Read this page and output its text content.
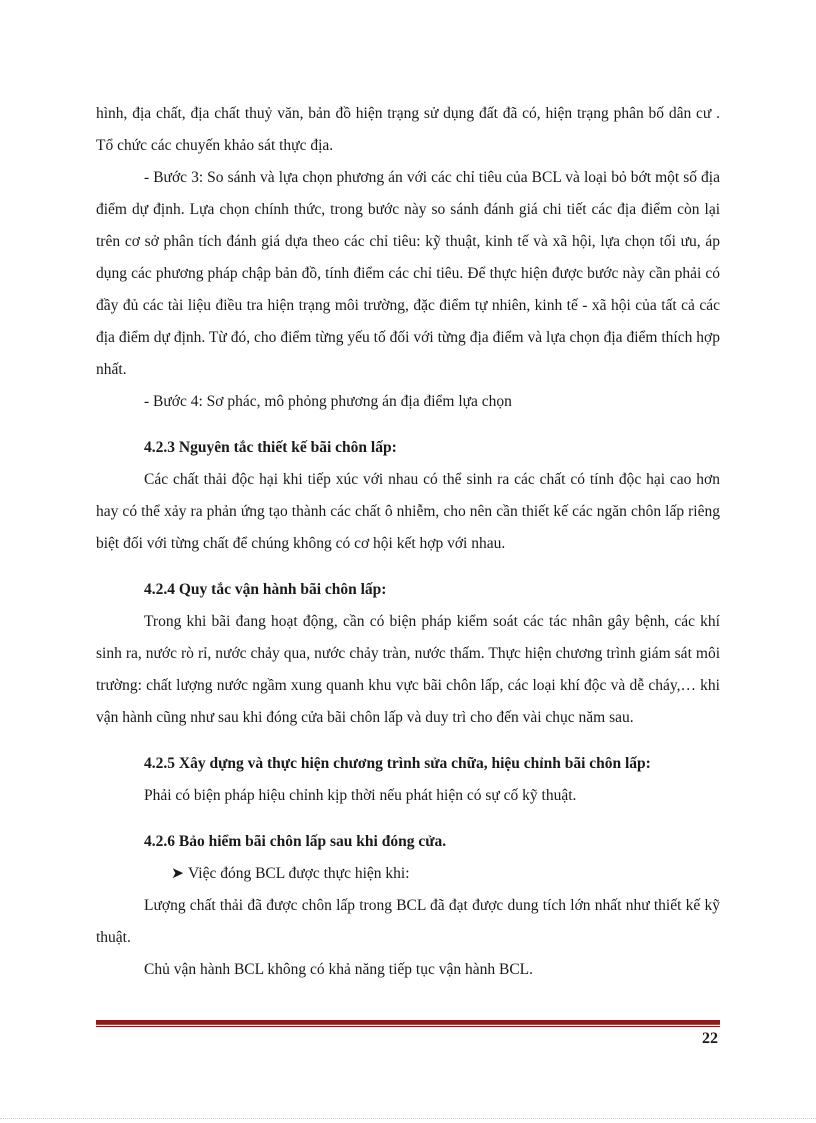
hình, địa chất, địa chất thuỷ văn, bản đồ hiện trạng sử dụng đất đã có, hiện trạng phân bố dân cư . Tổ chức các chuyến khảo sát thực địa.

- Bước 3: So sánh và lựa chọn phương án với các chỉ tiêu của BCL và loại bỏ bớt một số địa điểm dự định. Lựa chọn chính thức, trong bước này so sánh đánh giá chi tiết các địa điểm còn lại trên cơ sở phân tích đánh giá dựa theo các chỉ tiêu: kỹ thuật, kinh tế và xã hội, lựa chọn tối ưu, áp dụng các phương pháp chập bản đồ, tính điểm các chỉ tiêu. Để thực hiện được bước này cần phải có đầy đủ các tài liệu điều tra hiện trạng môi trường, đặc điểm tự nhiên, kinh tế - xã hội của tất cả các địa điểm dự định. Từ đó, cho điểm từng yếu tố đối với từng địa điểm và lựa chọn địa điểm thích hợp nhất.

- Bước 4: Sơ phác, mô phỏng phương án địa điểm lựa chọn

4.2.3 Nguyên tắc thiết kế bãi chôn lấp:

Các chất thải độc hại khi tiếp xúc với nhau có thể sinh ra các chất có tính độc hại cao hơn hay có thể xảy ra phản ứng tạo thành các chất ô nhiễm, cho nên cần thiết kế các ngăn chôn lấp riêng biệt đối với từng chất để chúng không có cơ hội kết hợp với nhau.

4.2.4 Quy tắc vận hành bãi chôn lấp:

Trong khi bãi đang hoạt động, cần có biện pháp kiểm soát các tác nhân gây bệnh, các khí sinh ra, nước rò rỉ, nước chảy qua, nước chảy tràn, nước thấm. Thực hiện chương trình giám sát môi trường: chất lượng nước ngầm xung quanh khu vực bãi chôn lấp, các loại khí độc và dễ cháy,… khi vận hành cũng như sau khi đóng cửa bãi chôn lấp và duy trì cho đến vài chục năm sau.

4.2.5 Xây dựng và thực hiện chương trình sửa chữa, hiệu chỉnh bãi chôn lấp:

Phải có biện pháp hiệu chỉnh kịp thời nếu phát hiện có sự cố kỹ thuật.

4.2.6 Bảo hiểm bãi chôn lấp sau khi đóng cửa.

➤ Việc đóng BCL được thực hiện khi:

Lượng chất thải đã được chôn lấp trong BCL đã đạt được dung tích lớn nhất như thiết kế kỹ thuật.

Chủ vận hành BCL không có khả năng tiếp tục vận hành BCL.

22
